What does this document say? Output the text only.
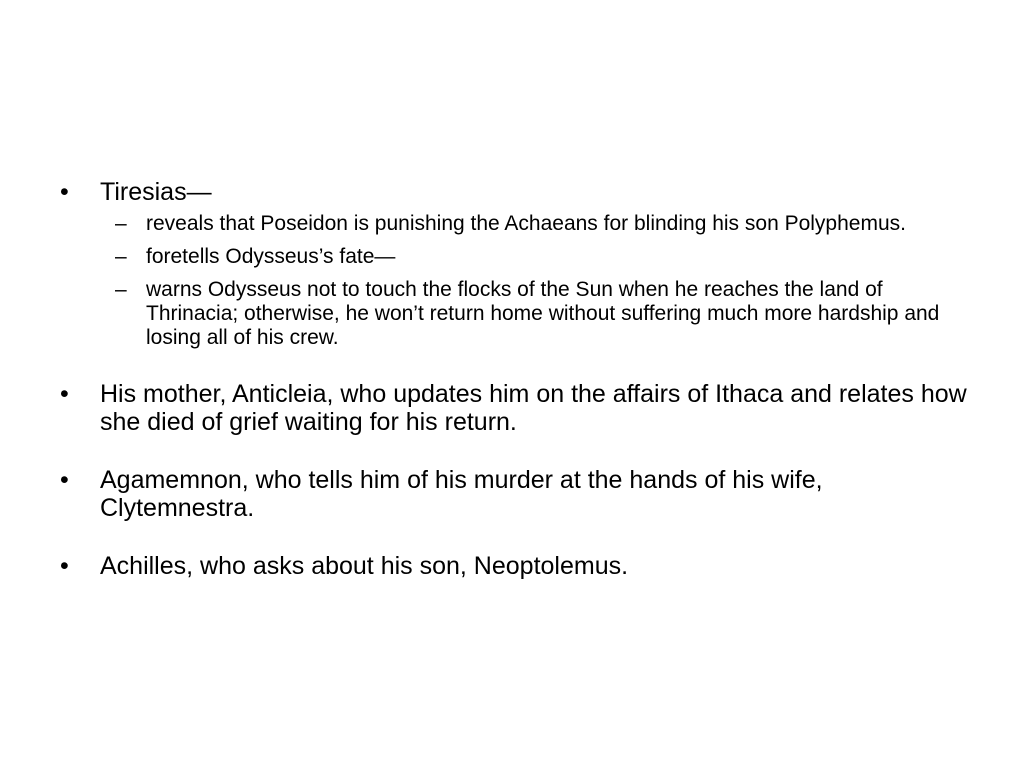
• Tiresias—
– reveals that Poseidon is punishing the Achaeans for blinding his son Polyphemus.
– foretells Odysseus’s fate—
– warns Odysseus not to touch the flocks of the Sun when he reaches the land of Thrinacia; otherwise, he won’t return home without suffering much more hardship and losing all of his crew.
• His mother, Anticleia, who updates him on the affairs of Ithaca and relates how she died of grief waiting for his return.
• Agamemnon, who tells him of his murder at the hands of his wife, Clytemnestra.
• Achilles, who asks about his son, Neoptolemus.
